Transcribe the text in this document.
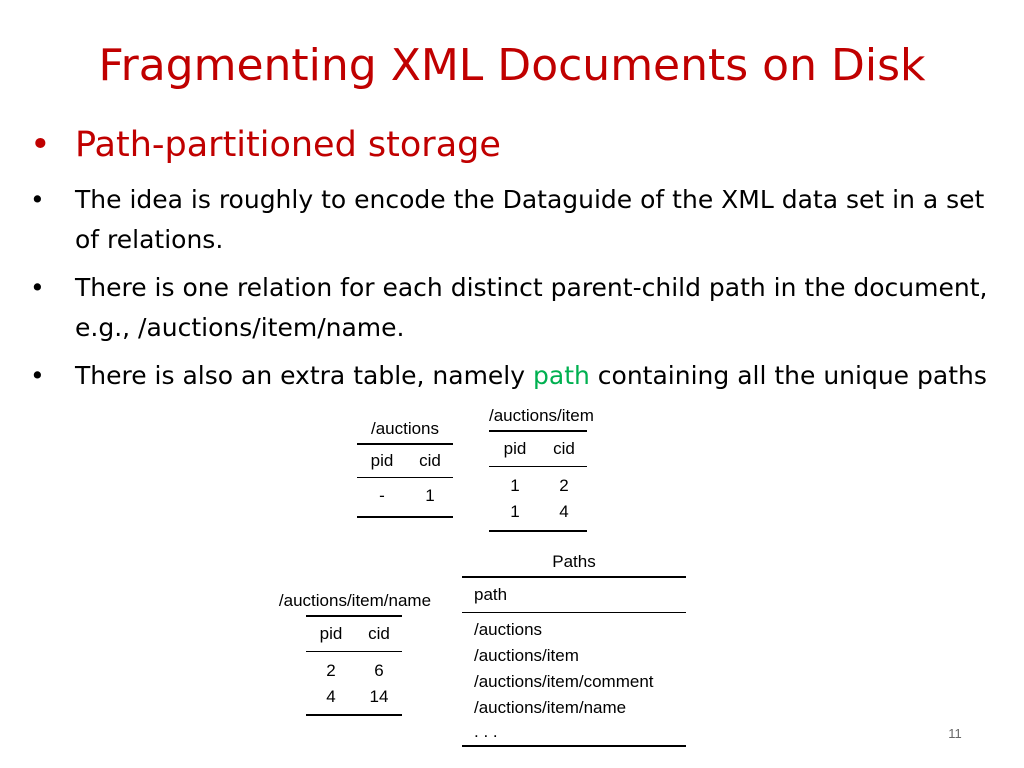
Fragmenting XML Documents on Disk
• Path-partitioned storage
• The idea is roughly to encode the Dataguide of the XML data set in a set of relations.
• There is one relation for each distinct parent-child path in the document, e.g., /auctions/item/name.
• There is also an extra table, namely path containing all the unique paths
/auctions
pid	cid
-	1
/auctions/item
pid	cid
1	2
1	4
/auctions/item/name
pid	cid
2	6
4	14
Paths
path
/auctions
/auctions/item
/auctions/item/comment
/auctions/item/name
. . .	11
